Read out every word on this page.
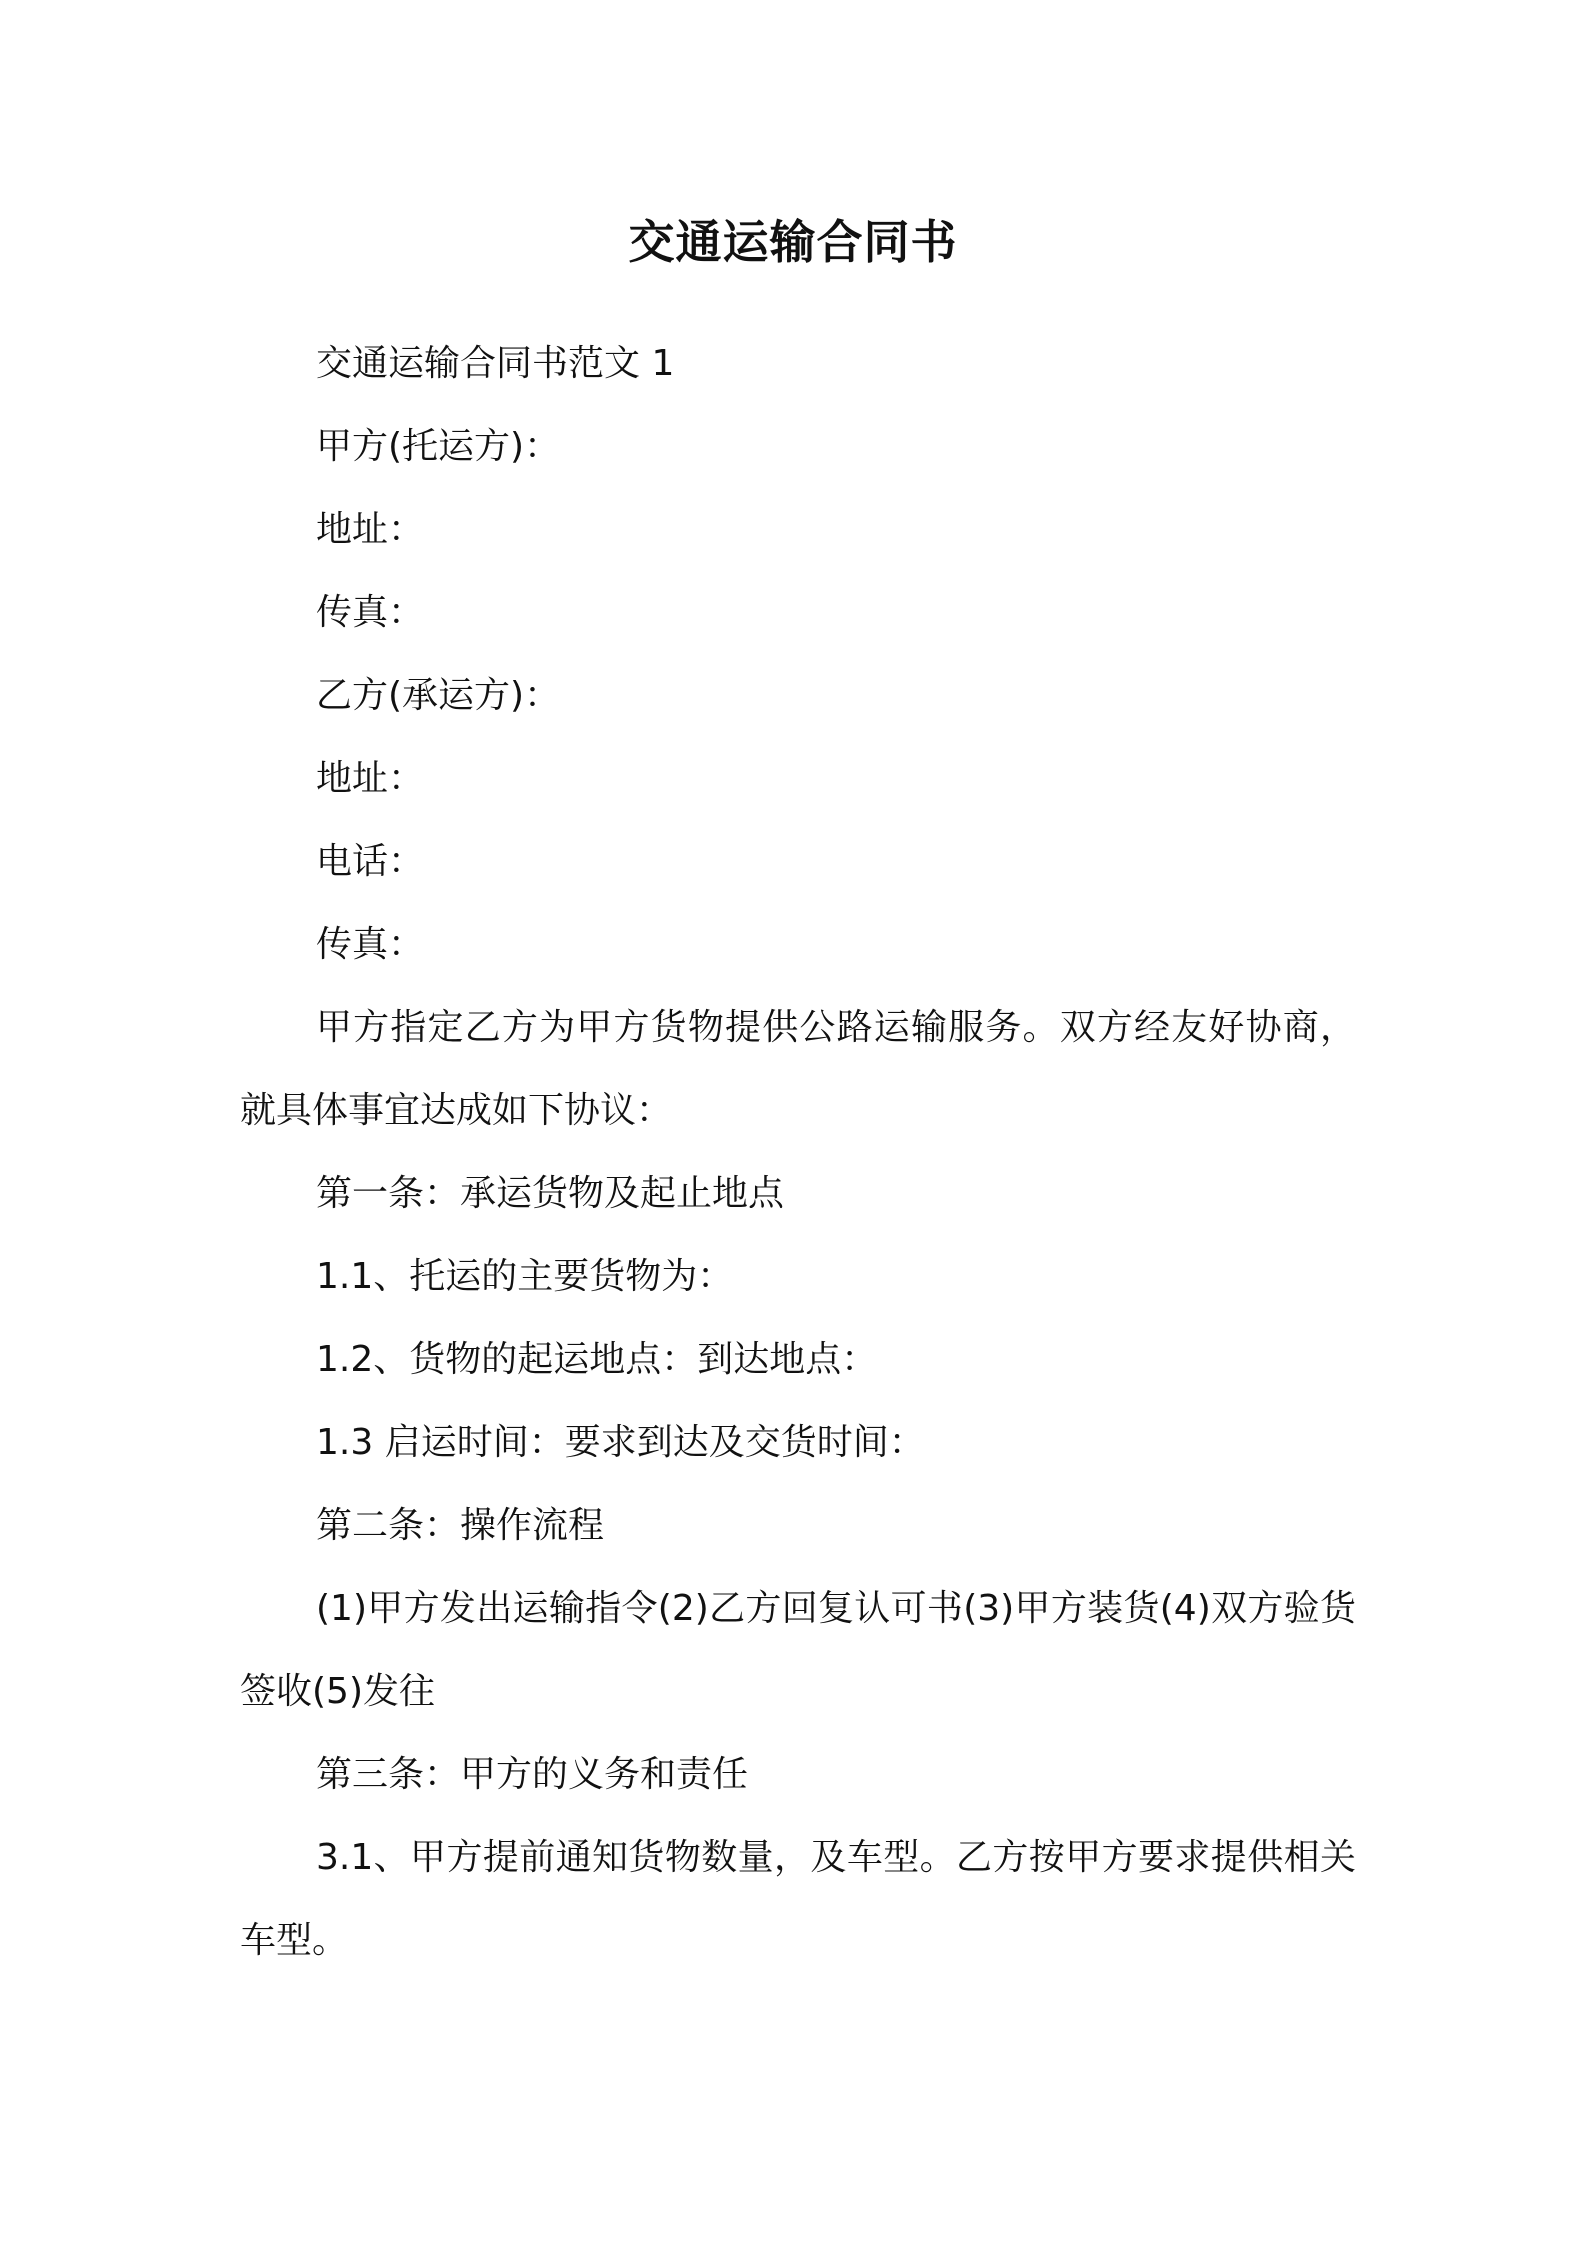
交通运输合同书

交通运输合同书范文 1

甲方(托运方)：

地址：

传真：

乙方(承运方)：

地址：

电话：

传真：

甲方指定乙方为甲方货物提供公路运输服务。双方经友好协商，就具体事宜达成如下协议：

第一条：承运货物及起止地点

1.1、托运的主要货物为：

1.2、货物的起运地点：到达地点：

1.3 启运时间：要求到达及交货时间：

第二条：操作流程

(1)甲方发出运输指令(2)乙方回复认可书(3)甲方装货(4)双方验货签收(5)发往

第三条：甲方的义务和责任

3.1、甲方提前通知货物数量，及车型。乙方按甲方要求提供相关车型。
